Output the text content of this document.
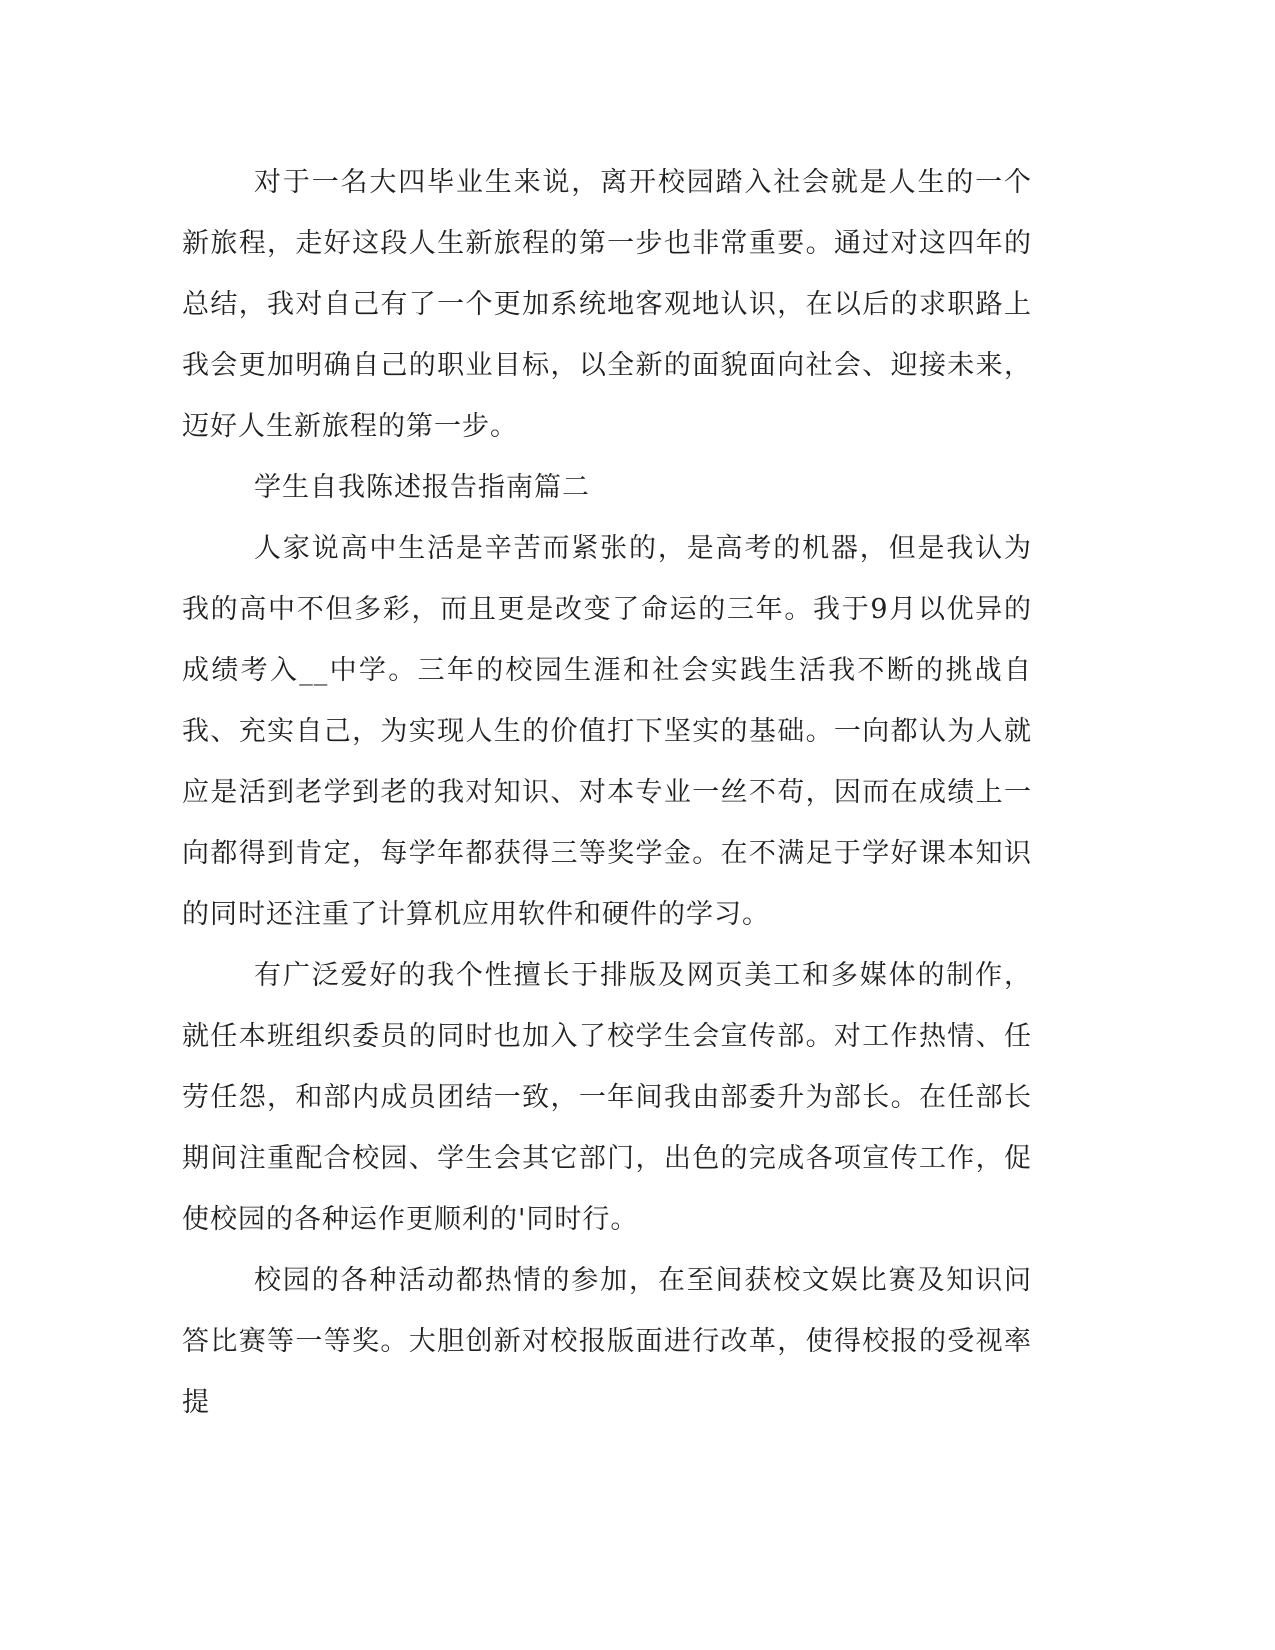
对于一名大四毕业生来说，离开校园踏入社会就是人生的一个新旅程，走好这段人生新旅程的第一步也非常重要。通过对这四年的总结，我对自己有了一个更加系统地客观地认识，在以后的求职路上我会更加明确自己的职业目标，以全新的面貌面向社会、迎接未来，迈好人生新旅程的第一步。

学生自我陈述报告指南篇二

人家说高中生活是辛苦而紧张的，是高考的机器，但是我认为我的高中不但多彩，而且更是改变了命运的三年。我于9月以优异的成绩考入__中学。三年的校园生涯和社会实践生活我不断的挑战自我、充实自己，为实现人生的价值打下坚实的基础。一向都认为人就应是活到老学到老的我对知识、对本专业一丝不苟，因而在成绩上一向都得到肯定，每学年都获得三等奖学金。在不满足于学好课本知识的同时还注重了计算机应用软件和硬件的学习。

有广泛爱好的我个性擅长于排版及网页美工和多媒体的制作，就任本班组织委员的同时也加入了校学生会宣传部。对工作热情、任劳任怨，和部内成员团结一致，一年间我由部委升为部长。在任部长期间注重配合校园、学生会其它部门，出色的完成各项宣传工作，促使校园的各种运作更顺利的'同时行。

校园的各种活动都热情的参加，在至间获校文娱比赛及知识问答比赛等一等奖。大胆创新对校报版面进行改革，使得校报的受视率提
